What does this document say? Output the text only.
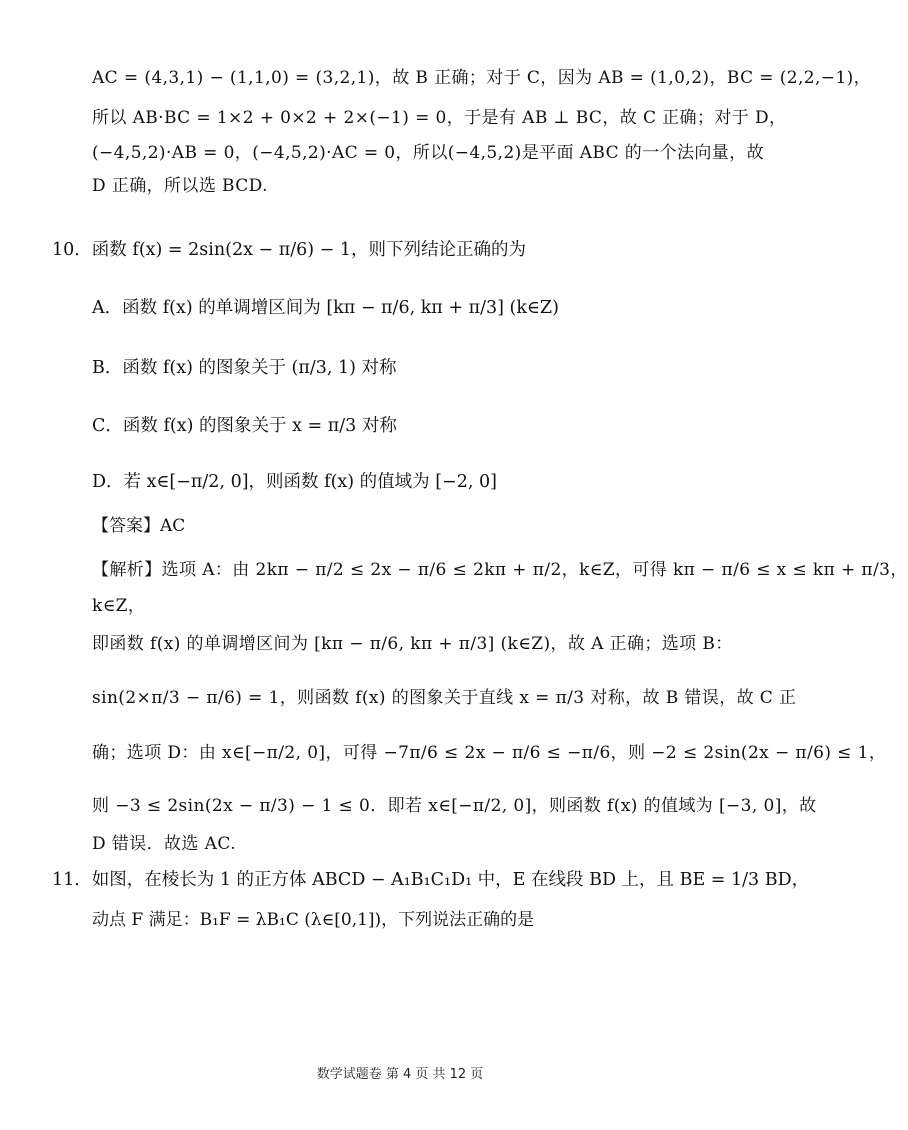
AC = (4,3,1) − (1,1,0) = (3,2,1)，故 B 正确；对于 C，因为 AB = (1,0,2)，BC = (2,2,−1)，
所以 AB·BC = 1×2 + 0×2 + 2×(−1) = 0，于是有 AB ⊥ BC，故 C 正确；对于 D，
(−4,5,2)·AB = 0，(−4,5,2)·AC = 0，所以(−4,5,2)是平面 ABC 的一个法向量，故
D 正确，所以选 BCD.
10．函数 f(x) = 2sin(2x − π/6) − 1，则下列结论正确的为
A．函数 f(x) 的单调增区间为 [kπ − π/6, kπ + π/3] (k∈Z)
B．函数 f(x) 的图象关于 (π/3, 1) 对称
C．函数 f(x) 的图象关于 x = π/3 对称
D．若 x∈[−π/2, 0]，则函数 f(x) 的值域为 [−2, 0]
【答案】AC
【解析】选项 A：由 2kπ − π/2 ≤ 2x − π/6 ≤ 2kπ + π/2，k∈Z，可得 kπ − π/6 ≤ x ≤ kπ + π/3，
k∈Z，
即函数 f(x) 的单调增区间为 [kπ − π/6, kπ + π/3] (k∈Z)，故 A 正确；选项 B：
sin(2×π/3 − π/6) = 1，则函数 f(x) 的图象关于直线 x = π/3 对称，故 B 错误，故 C 正
确；选项 D：由 x∈[−π/2, 0]，可得 −7π/6 ≤ 2x − π/6 ≤ −π/6，则 −2 ≤ 2sin(2x − π/6) ≤ 1，
则 −3 ≤ 2sin(2x − π/3) − 1 ≤ 0．即若 x∈[−π/2, 0]，则函数 f(x) 的值域为 [−3, 0]，故
D 错误．故选 AC.
11．如图，在棱长为 1 的正方体 ABCD − A₁B₁C₁D₁ 中，E 在线段 BD 上，且 BE = 1/3 BD，
动点 F 满足：B₁F = λB₁C (λ∈[0,1])，下列说法正确的是
数学试题卷 第 4 页 共 12 页
